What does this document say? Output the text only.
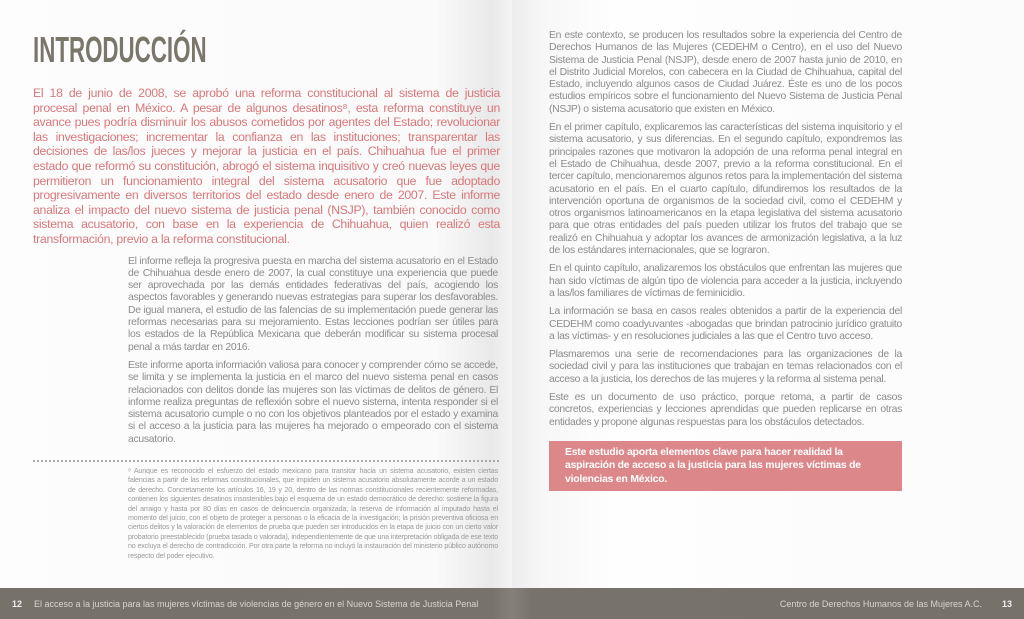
INTRODUCCIÓN

El 18 de junio de 2008, se aprobó una reforma constitucional al sistema de justicia procesal penal en México. A pesar de algunos desatinos⁸, esta reforma constituye un avance pues podría disminuir los abusos cometidos por agentes del Estado; revolucionar las investigaciones; incrementar la confianza en las instituciones; transparentar las decisiones de las/los jueces y mejorar la justicia en el país. Chihuahua fue el primer estado que reformó su constitución, abrogó el sistema inquisitivo y creó nuevas leyes que permitieron un funcionamiento integral del sistema acusatorio que fue adoptado progresivamente en diversos territorios del estado desde enero de 2007. Este informe analiza el impacto del nuevo sistema de justicia penal (NSJP), también conocido como sistema acusatorio, con base en la experiencia de Chihuahua, quien realizó esta transformación, previo a la reforma constitucional.

El informe refleja la progresiva puesta en marcha del sistema acusatorio en el Estado de Chihuahua desde enero de 2007, la cual constituye una experiencia que puede ser aprovechada por las demás entidades federativas del país, acogiendo los aspectos favorables y generando nuevas estrategias para superar los desfavorables. De igual manera, el estudio de las falencias de su implementación puede generar las reformas necesarias para su mejoramiento. Estas lecciones podrían ser útiles para los estados de la República Mexicana que deberán modificar su sistema procesal penal a más tardar en 2016.

Este informe aporta información valiosa para conocer y comprender cómo se accede, se limita y se implementa la justicia en el marco del nuevo sistema penal en casos relacionados con delitos donde las mujeres son las víctimas de delitos de género. El informe realiza preguntas de reflexión sobre el nuevo sistema, intenta responder si el sistema acusatorio cumple o no con los objetivos planteados por el estado y examina si el acceso a la justicia para las mujeres ha mejorado o empeorado con el sistema acusatorio.

⁸ Aunque es reconocido el esfuerzo del estado mexicano para transitar hacia un sistema acusatorio, existen ciertas falencias a partir de las reformas constitucionales, que impiden un sistema acusatorio absolutamente acorde a un estado de derecho. Concretamente los artículos 16, 19 y 20, dentro de las normas constitucionales recientemente reformadas, contienen los siguientes desatinos insostenibles bajo el esquema de un estado democrático de derecho: sostiene la figura del arraigo y hasta por 80 días en casos de delincuencia organizada; la reserva de información al imputado hasta el momento del juicio, con el objeto de proteger a personas o la eficacia de la investigación; la prisión preventiva oficiosa en ciertos delitos y la valoración de elementos de prueba que pueden ser introducidos en la etapa de juicio con un cierto valor probatorio preestablecido (prueba tasada o valorada), independientemente de que una interpretación obligada de ese texto no excluya el derecho de contradicción. Por otra parte la reforma no incluyó la instauración del ministerio público autónomo respecto del poder ejecutivo.

En este contexto, se producen los resultados sobre la experiencia del Centro de Derechos Humanos de las Mujeres (CEDEHM o Centro), en el uso del Nuevo Sistema de Justicia Penal (NSJP), desde enero de 2007 hasta junio de 2010, en el Distrito Judicial Morelos, con cabecera en la Ciudad de Chihuahua, capital del Estado, incluyendo algunos casos de Ciudad Juárez. Éste es uno de los pocos estudios empíricos sobre el funcionamiento del Nuevo Sistema de Justicia Penal (NSJP) o sistema acusatorio que existen en México.

En el primer capítulo, explicaremos las características del sistema inquisitorio y el sistema acusatorio, y sus diferencias. En el segundo capítulo, expondremos las principales razones que motivaron la adopción de una reforma penal integral en el Estado de Chihuahua, desde 2007, previo a la reforma constitucional. En el tercer capítulo, mencionaremos algunos retos para la implementación del sistema acusatorio en el país. En el cuarto capítulo, difundiremos los resultados de la intervención oportuna de organismos de la sociedad civil, como el CEDEHM y otros organismos latinoamericanos en la etapa legislativa del sistema acusatorio para que otras entidades del país pueden utilizar los frutos del trabajo que se realizó en Chihuahua y adoptar los avances de armonización legislativa, a la luz de los estándares internacionales, que se lograron.

En el quinto capítulo, analizaremos los obstáculos que enfrentan las mujeres que han sido víctimas de algún tipo de violencia para acceder a la justicia, incluyendo a las/los familiares de víctimas de feminicidio.

La información se basa en casos reales obtenidos a partir de la experiencia del CEDEHM como coadyuvantes -abogadas que brindan patrocinio jurídico gratuito a las víctimas- y en resoluciones judiciales a las que el Centro tuvo acceso.

Plasmaremos una serie de recomendaciones para las organizaciones de la sociedad civil y para las instituciones que trabajan en temas relacionados con el acceso a la justicia, los derechos de las mujeres y la reforma al sistema penal.

Este es un documento de uso práctico, porque retoma, a partir de casos concretos, experiencias y lecciones aprendidas que pueden replicarse en otras entidades y propone algunas respuestas para los obstáculos detectados.

Este estudio aporta elementos clave para hacer realidad la aspiración de acceso a la justicia para las mujeres víctimas de violencias en México.
12 El acceso a la justicia para las mujeres víctimas de violencias de género en el Nuevo Sistema de Justicia Penal	Centro de Derechos Humanos de las Mujeres A.C. 13
